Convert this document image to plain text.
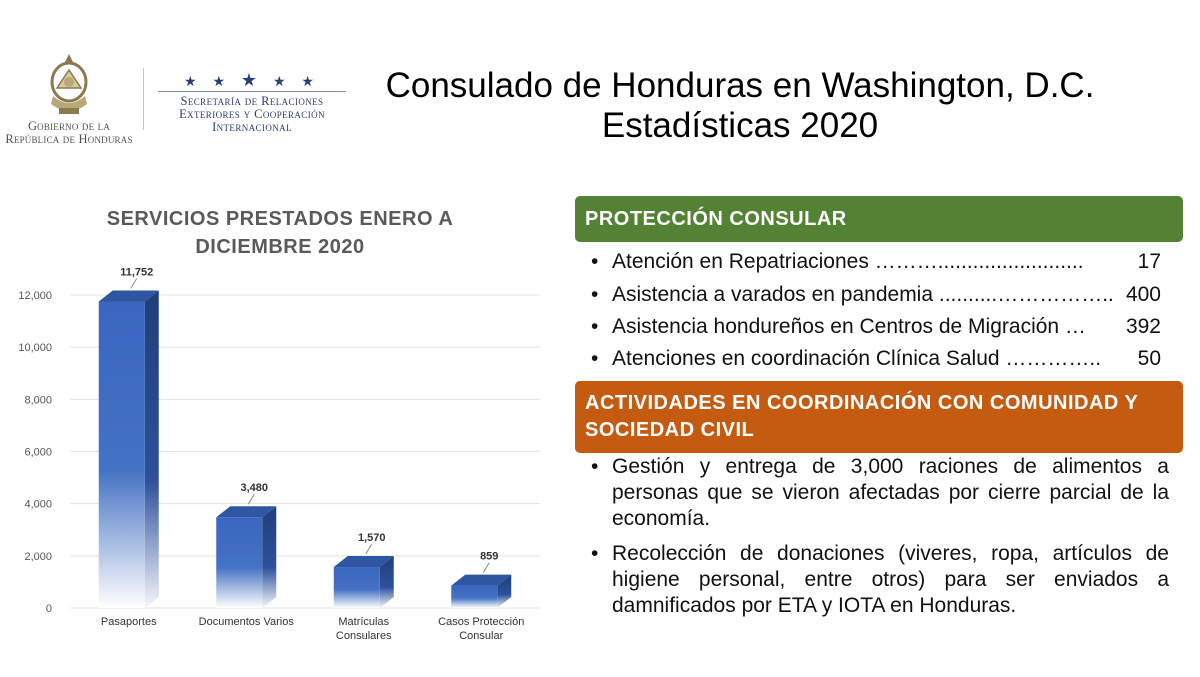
Gobierno de la
República de Honduras
★ ★ ★ ★ ★
Secretaría de Relaciones
Exteriores y Cooperación
Internacional
Consulado de Honduras en Washington, D.C.
Estadísticas 2020
SERVICIOS PRESTADOS ENERO A
DICIEMBRE 2020
0
2,000
4,000
6,000
8,000
10,000
12,000
11,752
Pasaportes
3,480
Documentos Varios
1,570
Matrículas
Consulares
859
Casos Protección
Consular
PROTECCIÓN CONSULAR
• Atención en Repatriaciones ……….........................	17
• Asistencia a varados en pandemia ..........…………….. 400
• Asistencia hondureños en Centros de Migración … 392
• Atenciones en coordinación Clínica Salud ………….. 50
ACTIVIDADES EN COORDINACIÓN CON COMUNIDAD Y
SOCIEDAD CIVIL
• Gestión y entrega de 3,000 raciones de alimentos a personas que se vieron afectadas por cierre parcial de la economía.
• Recolección de donaciones (viveres, ropa, artículos de higiene personal, entre otros) para ser enviados a damnificados por ETA y IOTA en Honduras.
